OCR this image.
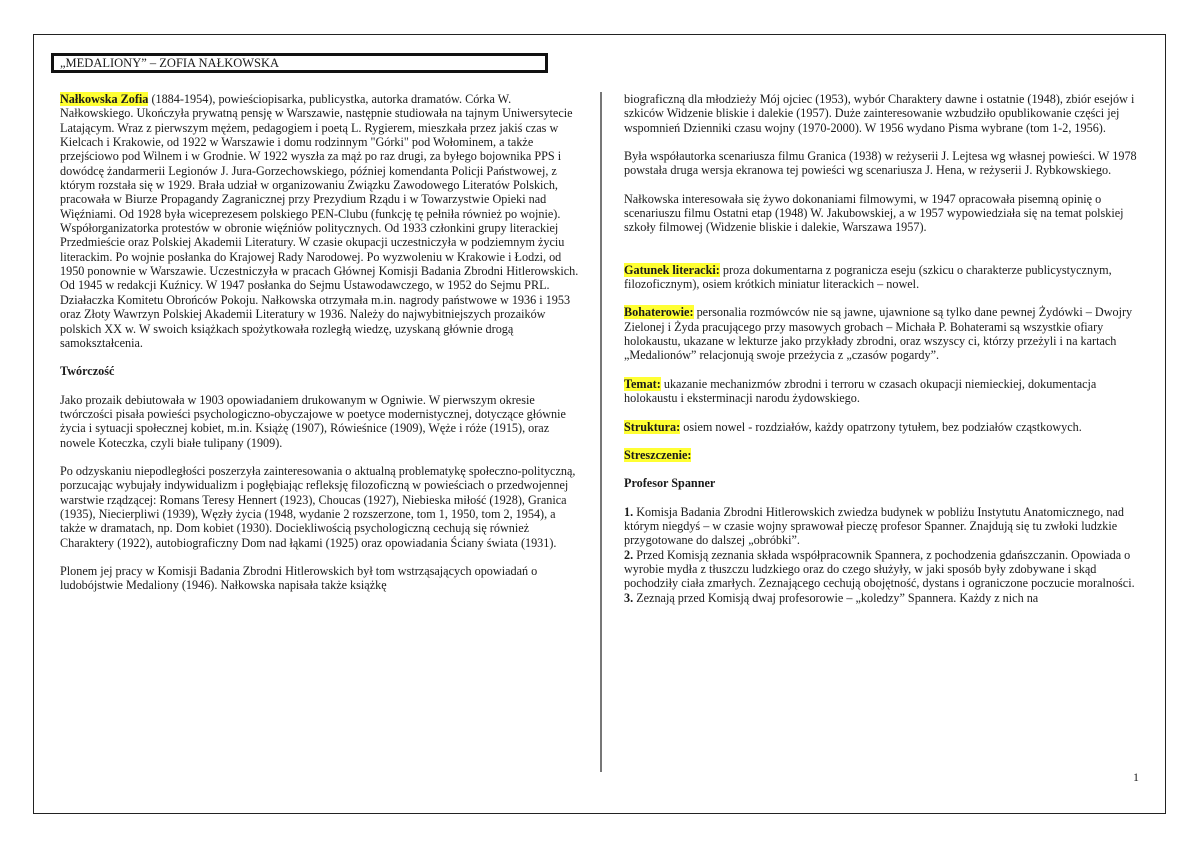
„MEDALIONY” – ZOFIA NAŁKOWSKA

Nałkowska Zofia (1884-1954), powieściopisarka, publicystka, autorka dramatów. Córka W. Nałkowskiego. Ukończyła prywatną pensję w Warszawie, następnie studiowała na tajnym Uniwersytecie Latającym. Wraz z pierwszym mężem, pedagogiem i poetą L. Rygierem, mieszkała przez jakiś czas w Kielcach i Krakowie, od 1922 w Warszawie i domu rodzinnym "Górki" pod Wołominem, a także przejściowo pod Wilnem i w Grodnie. W 1922 wyszła za mąż po raz drugi, za byłego bojownika PPS i dowódcę żandarmerii Legionów J. Jura-Gorzechowskiego, później komendanta Policji Państwowej, z którym rozstała się w 1929. Brała udział w organizowaniu Związku Zawodowego Literatów Polskich, pracowała w Biurze Propagandy Zagranicznej przy Prezydium Rządu i w Towarzystwie Opieki nad Więźniami. Od 1928 była wiceprezesem polskiego PEN-Clubu (funkcję tę pełniła również po wojnie). Współorganizatorka protestów w obronie więźniów politycznych. Od 1933 członkini grupy literackiej Przedmieście oraz Polskiej Akademii Literatury. W czasie okupacji uczestniczyła w podziemnym życiu literackim. Po wojnie posłanka do Krajowej Rady Narodowej. Po wyzwoleniu w Krakowie i Łodzi, od 1950 ponownie w Warszawie. Uczestniczyła w pracach Głównej Komisji Badania Zbrodni Hitlerowskich. Od 1945 w redakcji Kuźnicy. W 1947 posłanka do Sejmu Ustawodawczego, w 1952 do Sejmu PRL. Działaczka Komitetu Obrońców Pokoju. Nałkowska otrzymała m.in. nagrody państwowe w 1936 i 1953 oraz Złoty Wawrzyn Polskiej Akademii Literatury w 1936. Należy do najwybitniejszych prozaików polskich XX w. W swoich książkach spożytkowała rozległą wiedzę, uzyskaną głównie drogą samokształcenia.

Twórczość

Jako prozaik debiutowała w 1903 opowiadaniem drukowanym w Ogniwie. W pierwszym okresie twórczości pisała powieści psychologiczno-obyczajowe w poetyce modernistycznej, dotyczące głównie życia i sytuacji społecznej kobiet, m.in. Książę (1907), Rówieśnice (1909), Węże i róże (1915), oraz nowele Koteczka, czyli białe tulipany (1909).

Po odzyskaniu niepodległości poszerzyła zainteresowania o aktualną problematykę społeczno-polityczną, porzucając wybujały indywidualizm i pogłębiając refleksję filozoficzną w powieściach o przedwojennej warstwie rządzącej: Romans Teresy Hennert (1923), Choucas (1927), Niebieska miłość (1928), Granica (1935), Niecierpliwi (1939), Węzły życia (1948, wydanie 2 rozszerzone, tom 1, 1950, tom 2, 1954), a także w dramatach, np. Dom kobiet (1930). Dociekliwością psychologiczną cechują się również Charaktery (1922), autobiograficzny Dom nad łąkami (1925) oraz opowiadania Ściany świata (1931).

Plonem jej pracy w Komisji Badania Zbrodni Hitlerowskich był tom wstrząsających opowiadań o ludobójstwie Medaliony (1946). Nałkowska napisała także książkę

biograficzną dla młodzieży Mój ojciec (1953), wybór Charaktery dawne i ostatnie (1948), zbiór esejów i szkiców Widzenie bliskie i dalekie (1957). Duże zainteresowanie wzbudziło opublikowanie części jej wspomnień Dzienniki czasu wojny (1970-2000). W 1956 wydano Pisma wybrane (tom 1-2, 1956).

Była współautorka scenariusza filmu Granica (1938) w reżyserii J. Lejtesa wg własnej powieści. W 1978 powstała druga wersja ekranowa tej powieści wg scenariusza J. Hena, w reżyserii J. Rybkowskiego.

Nałkowska interesowała się żywo dokonaniami filmowymi, w 1947 opracowała pisemną opinię o scenariuszu filmu Ostatni etap (1948) W. Jakubowskiej, a w 1957 wypowiedziała się na temat polskiej szkoły filmowej (Widzenie bliskie i dalekie, Warszawa 1957).

Gatunek literacki: proza dokumentarna z pogranicza eseju (szkicu o charakterze publicystycznym, filozoficznym), osiem krótkich miniatur literackich – nowel.

Bohaterowie: personalia rozmówców nie są jawne, ujawnione są tylko dane pewnej Żydówki – Dwojry Zielonej i Żyda pracującego przy masowych grobach – Michała P. Bohaterami są wszystkie ofiary holokaustu, ukazane w lekturze jako przykłady zbrodni, oraz wszyscy ci, którzy przeżyli i na kartach „Medalionów” relacjonują swoje przeżycia z „czasów pogardy”.

Temat: ukazanie mechanizmów zbrodni i terroru w czasach okupacji niemieckiej, dokumentacja holokaustu i eksterminacji narodu żydowskiego.

Struktura: osiem nowel - rozdziałów, każdy opatrzony tytułem, bez podziałów cząstkowych.

Streszczenie:

Profesor Spanner

1. Komisja Badania Zbrodni Hitlerowskich zwiedza budynek w pobliżu Instytutu Anatomicznego, nad którym niegdyś – w czasie wojny sprawował pieczę profesor Spanner. Znajdują się tu zwłoki ludzkie przygotowane do dalszej „obróbki”.

2. Przed Komisją zeznania składa współpracownik Spannera, z pochodzenia gdańszczanin. Opowiada o wyrobie mydła z tłuszczu ludzkiego oraz do czego służyły, w jaki sposób były zdobywane i skąd pochodziły ciała zmarłych. Zeznającego cechują obojętność, dystans i ograniczone poczucie moralności.

3. Zeznają przed Komisją dwaj profesorowie – „koledzy” Spannera. Każdy z nich na

1
